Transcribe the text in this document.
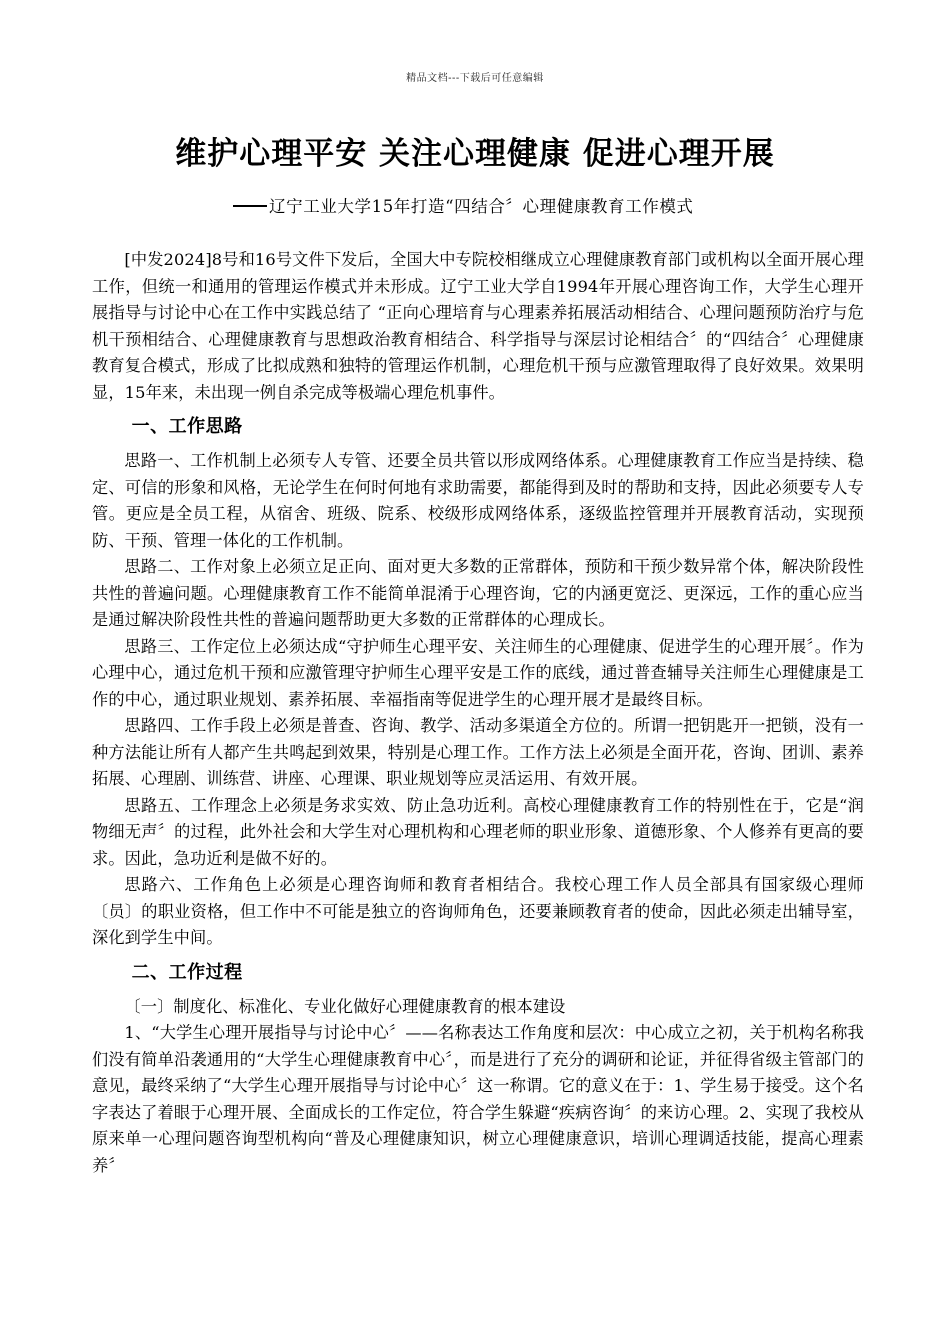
精品文档---下载后可任意编辑
维护心理平安 关注心理健康 促进心理开展
辽宁工业大学15年打造“四结合〞心理健康教育工作模式

[中发2024]8号和16号文件下发后，全国大中专院校相继成立心理健康教育部门或机构以全面开展心理工作，但统一和通用的管理运作模式并未形成。辽宁工业大学自1994年开展心理咨询工作，大学生心理开展指导与讨论中心在工作中实践总结了 “正向心理培育与心理素养拓展活动相结合、心理问题预防治疗与危机干预相结合、心理健康教育与思想政治教育相结合、科学指导与深层讨论相结合〞的“四结合〞心理健康教育复合模式，形成了比拟成熟和独特的管理运作机制，心理危机干预与应激管理取得了良好效果。效果明显，15年来，未出现一例自杀完成等极端心理危机事件。

一、工作思路

思路一、工作机制上必须专人专管、还要全员共管以形成网络体系。心理健康教育工作应当是持续、稳定、可信的形象和风格，无论学生在何时何地有求助需要，都能得到及时的帮助和支持，因此必须要专人专管。更应是全员工程，从宿舍、班级、院系、校级形成网络体系，逐级监控管理并开展教育活动，实现预防、干预、管理一体化的工作机制。

思路二、工作对象上必须立足正向、面对更大多数的正常群体，预防和干预少数异常个体，解决阶段性共性的普遍问题。心理健康教育工作不能简单混淆于心理咨询，它的内涵更宽泛、更深远，工作的重心应当是通过解决阶段性共性的普遍问题帮助更大多数的正常群体的心理成长。

思路三、工作定位上必须达成“守护师生心理平安、关注师生的心理健康、促进学生的心理开展〞。作为心理中心，通过危机干预和应激管理守护师生心理平安是工作的底线，通过普查辅导关注师生心理健康是工作的中心，通过职业规划、素养拓展、幸福指南等促进学生的心理开展才是最终目标。

思路四、工作手段上必须是普查、咨询、教学、活动多渠道全方位的。所谓一把钥匙开一把锁，没有一种方法能让所有人都产生共鸣起到效果，特别是心理工作。工作方法上必须是全面开花，咨询、团训、素养拓展、心理剧、训练营、讲座、心理课、职业规划等应灵活运用、有效开展。

思路五、工作理念上必须是务求实效、防止急功近利。高校心理健康教育工作的特别性在于，它是“润物细无声〞的过程，此外社会和大学生对心理机构和心理老师的职业形象、道德形象、个人修养有更高的要求。因此，急功近利是做不好的。

思路六、工作角色上必须是心理咨询师和教育者相结合。我校心理工作人员全部具有国家级心理师〔员〕的职业资格，但工作中不可能是独立的咨询师角色，还要兼顾教育者的使命，因此必须走出辅导室，深化到学生中间。

二、工作过程

〔一〕制度化、标准化、专业化做好心理健康教育的根本建设

1、“大学生心理开展指导与讨论中心〞——名称表达工作角度和层次：中心成立之初，关于机构名称我们没有简单沿袭通用的“大学生心理健康教育中心〞，而是进行了充分的调研和论证，并征得省级主管部门的意见，最终采纳了“大学生心理开展指导与讨论中心〞这一称谓。它的意义在于：1、学生易于接受。这个名字表达了着眼于心理开展、全面成长的工作定位，符合学生躲避“疾病咨询〞的来访心理。2、实现了我校从原来单一心理问题咨询型机构向“普及心理健康知识，树立心理健康意识，培训心理调适技能，提高心理素养〞
